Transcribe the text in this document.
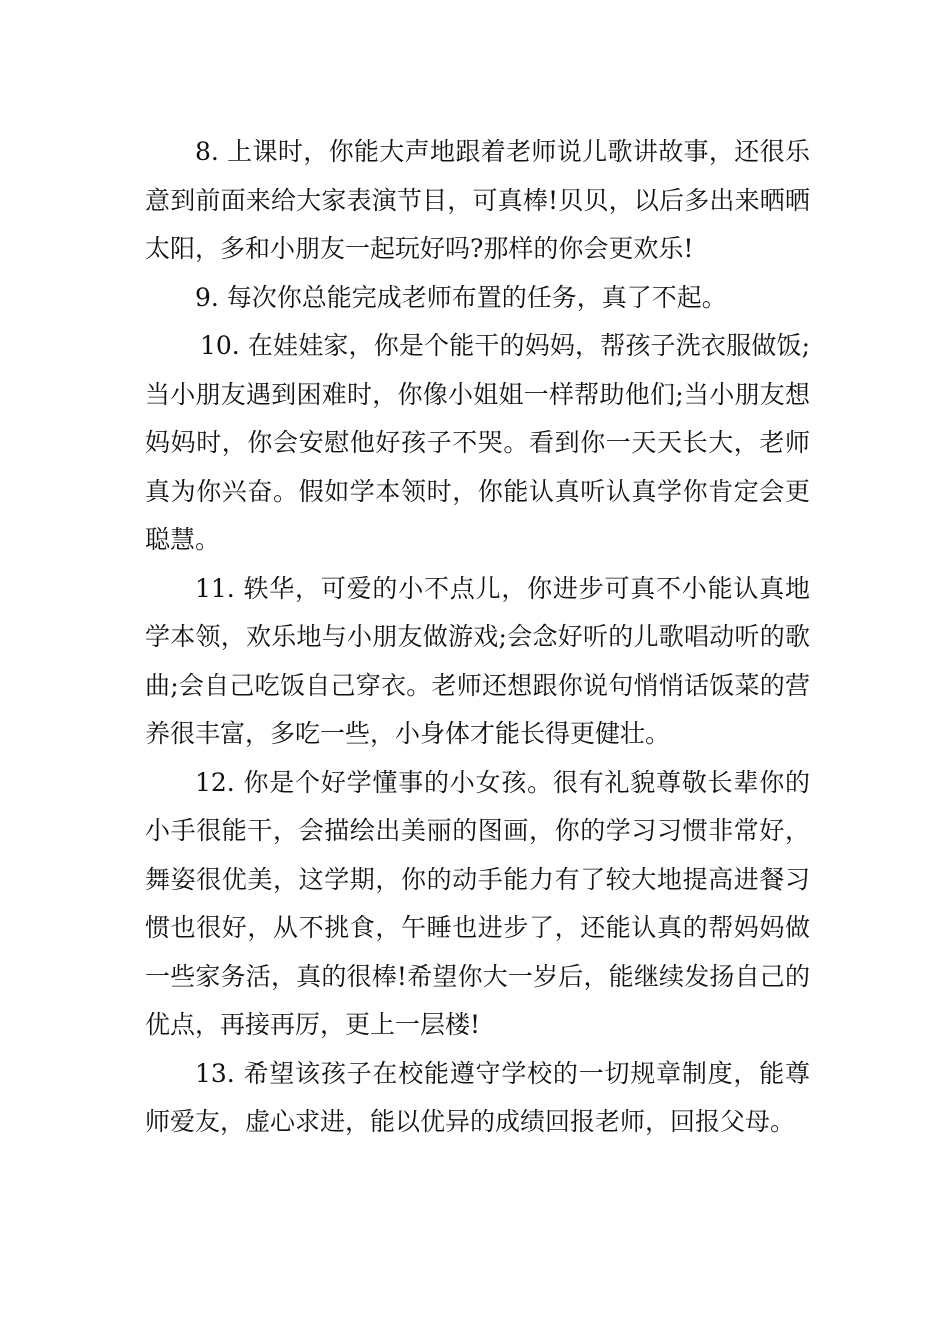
8. 上课时，你能大声地跟着老师说儿歌讲故事，还很乐意到前面来给大家表演节目，可真棒!贝贝，以后多出来晒晒太阳，多和小朋友一起玩好吗?那样的你会更欢乐!

9. 每次你总能完成老师布置的任务，真了不起。

10. 在娃娃家，你是个能干的妈妈，帮孩子洗衣服做饭;当小朋友遇到困难时，你像小姐姐一样帮助他们;当小朋友想妈妈时，你会安慰他好孩子不哭。看到你一天天长大，老师真为你兴奋。假如学本领时，你能认真听认真学你肯定会更聪慧。

11. 轶华，可爱的小不点儿，你进步可真不小能认真地学本领，欢乐地与小朋友做游戏;会念好听的儿歌唱动听的歌曲;会自己吃饭自己穿衣。老师还想跟你说句悄悄话饭菜的营养很丰富，多吃一些，小身体才能长得更健壮。

12. 你是个好学懂事的小女孩。很有礼貌尊敬长辈你的小手很能干，会描绘出美丽的图画，你的学习习惯非常好，舞姿很优美，这学期，你的动手能力有了较大地提高进餐习惯也很好，从不挑食，午睡也进步了，还能认真的帮妈妈做一些家务活，真的很棒!希望你大一岁后，能继续发扬自己的优点，再接再厉，更上一层楼!

13. 希望该孩子在校能遵守学校的一切规章制度，能尊师爱友，虚心求进，能以优异的成绩回报老师，回报父母。
